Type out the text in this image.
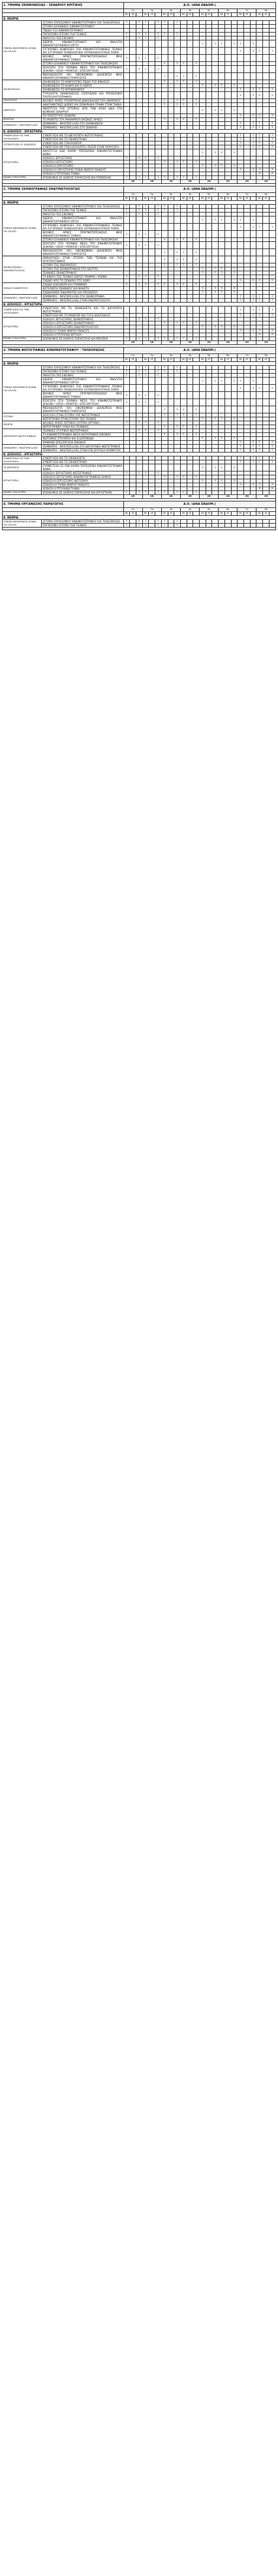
1. ΤΜΗΜΑ ΣΚΗΝΟΘΕΣΙΑΣ - ΣΕΝΑΡΙΟΥ ΚΡΙΤΙΚΗΣ		Δ.Ο. (ΑΝΑ ΕΒΔΟΜ.)																							
		1ο			2ο			3ο			4ο			5ο			6ο			7ο			8ο		
		θε	εξ		θε	εξ		θε	εξ		θε	εξ		θε	εξ		θε	εξ		θε	εξ		θε	εξ	
Α. ΘΕΩΡΙΑ																									
ΓΕΝΙΚΑ ΜΑΘΗΜΑΤΑ ΚΟΙΝΑ ΓΙΑ ΟΛΟΥΣ	ΙΣΤΟΡΙΑ ΠΑΓΚΟΣΜΙΟΥ ΚΙΝΗΜΑΤΟΓΡΑΦΟΥ ΚΑΙ ΤΗΛΕΟΡΑΣΗΣ	2		2	2		2	2		2															
	ΙΣΤΟΡΙΑ ΕΛΛΗΝΙΚΟΥ ΚΙΝΗΜΑΤΟΓΡΑΦΟΥ																								
	ΓΝΩΣΗ ΤΟΥ ΚΙΝΗΜΑΤΟΓΡΑΦΟΥ																								
	ΠΑΓΚΟΣΜΙΑ ΙΣΤΟΡΙΑ ΤΗΣ ΤΕΧΝΗΣ	2		2	2		2	2		2															
	ΑΝΑΛΥΣΗ ΤΗΣ ΕΙΚΟΝΑΣ	2		2	2		2																		
	ΘΕΩΡΙΑ ΚΙΝΗΜΑΤΟΓΡΑΦΟΥ ΚΑΙ ΑΝΑΛΥΣΗ ΚΙΝΗΜΑΤΟΓΡΑΦΙΚΟΥ ΕΡΓΟΥ													1		1	1		1	1		1			
	ΣΥΓΧΡΟΝΕΣ ΕΚΦΡΑΣΕΙΣ ΤΗΣ ΚΙΝΗΜΑΤΟΓΡΑΦΙΚΗΣ ΤΕΧΝΗΣ ΚΑΙ ΣΥΓΧΡΟΝΟΙ ΤΕΧΝΟΛΟΓΙΚΟΙ ΟΠΤΙΚΟΑΚΟΥΣΤΙΚΟΙ ΠΟΡΟΙ																			1		1	1		1
	ΒΑΣΙΚΕΣ ΑΡΧΕΣ ΠΡΑΓΜΑΤΟΠΟΙΗΣΗΣ ΜΙΑΣ ΚΙΝΗΜΑΤΟΓΡΑΦΙΚΗΣ ΤΑΙΝΙΑΣ	2		2	2		2																		
	ΙΣΤΟΡΙΑ ΕΛΛΗΝΙΚΟΥ ΚΙΝΗΜΑΤΟΓΡΑΦΟΥ ΚΑΙ ΤΗΛΕΟΡΑΣΗΣ							2		2	2		2												
	ΕΙΣΑΓΩΓΗ ΣΤΗ ΤΕΧΝΙΚΗ ΜΕΣΑ ΤΟΥ ΚΙΝΗΜΑΤΟΓΡΑΦΟΥ (ΕΙΚΟΝΑ / ΗΧΟΣ / ΜΟΝΤΑΖ / ΕΠΕΞΕΡΓΑΣΙΑ)	2		2	2		2																		
	ΜΕΘΟΔΟΛΟΓΙΑ ΚΑΙ ΟΙΚΟΝΟΜΙΚΗ ΔΙΑΧΕΙΡΙΣΗ ΜΙΑΣ ΚΙΝΗΜΑΤΟΓΡΑΦΙΚΗΣ ΠΑΡΑΓΩΓΗΣ							1		1	1		1												
ΣΚΗΝΟΘΕΣΙΑ	ΣΚΗΝΟΘΕΣΙΑ ΤΟ ΕΚΦΡΑΣΤΙΚΟ ΠΕΔΙΟ ΤΗΣ ΚΙΝΗΣΗΣ							2		2	2		2												
	ΣΚΗΝΟΘΕΣΙΑ ΤΟ ΚΑΔΡΟ ΚΑΙ Ο ΧΩΡΟΣ													2		2	2		2						
	ΣΚΗΝΟΘΕΣΙΑ ΤΟ ΝΤΟΚΙΜΑΝΤΕΡ																			1		1	1		1
	ΤΥΠΟΛΟΓΙΑ ΣΚΗΝΟΘΕΣΙΑΣ (ΣΠΟΥΔΑΙΟΙ ΚΑΙ ΠΡΟΣΩΠΙΚΟΙ ΤΡΟΠΟΙ ΚΑΤΑΓΡΑΦΗΣ)																			2		2	2		2
ΗΘΟΠΟΙΟΣ	ΒΑΣΙΚΕΣ ΑΡΧΕΣ ΥΠΟΚΡΙΤΙΚΗΣ ΔΙΔΑΣΚΑΛΙΑΣ ΤΟΥ ΗΘΟΠΟΙΟΥ							1		1	1		1												
ΑΦΗΓΗΣΗ	ΑΦΗΓΗΜΑΤΙΚΕΣ ΔΟΜΕΣ ΚΑΙ ΣΕΝΑΡΙΑΚΗ ΓΡΑΦΗ ΣΤΗΝ ΤΑΙΝΙΑ							2		2	2		2												
	ΑΝΑΠΤΥΞΗ ΤΗΣ ΙΣΤΟΡΙΑΣ ΑΠΟ ΤΗΝ ΑΠΛΗ ΙΔΕΑ ΣΤΟ ΚΕΙΜΕΝΟ ΣΕΝΑΡΙΟΥ													2		2	2		2						
	ΤΟ ΠΡΩΤΟΤΥΠΟ ΣΕΝΑΡΙΟ																			2		2	2		2
ΜΟΝΤΑΖ	ΤΟ ΜΟΝΤΑΖ ΣΤΑ ΜΑΘΗΜΑΤΑ ΒΑΣΙΚΕΣ ΑΡΧΕΣ							1		1	1		1												
ΣΕΜΙΝΑΡΙΟ / MASTERCLASS	ΣΕΜΙΝΑΡΙΟ - MASTERCLASS ΣΤΗ ΣΚΗΝΟΘΕΣΙΑ																			1		1	1		1
	ΣΕΜΙΝΑΡΙΟ - MASTERCLASS ΣΤΟ ΣΕΝΑΡΙΟ																			1		1	1		1
Β. ΑΣΚΗΣΕΙΣ - ΕΡΓΑΣΤΗΡΙΑ																									
ΣΥΝΕΡΓΑΣΙΑ ΓΙΑ ΤΗΝ ΥΛΟΠΟΙΗΣΗ	ΣΥΝΕΡΓΑΣΙΑ ΜΕ ΤΟ ΔΙΕΥΘΥΝΤΗ ΦΩΤΟΓΡΑΦΙΑΣ																			1		1	1		1
	ΣΥΝΕΡΓΑΣΙΑ ΜΕ ΤΟ ΣΚΗΝΟΓΡΑΦΟ																			1		1	1		1
ΣΥΓΚΡΟΤΗΣΗ ΟΙ ΑΣΚΗΣΕΙΣ	ΣΥΝΕΡΓΑΣΙΑ ΜΕ ΤΟΝ ΜΟΝΤΕΡ																			1		1	1		1
	ΣΥΝΕΡΓΑΣΙΑ ΜΕ ΤΟΝ ΗΧΟΛΗΠΤΗ / ΜΙΞΕΡ ΣΤΗΝ ΠΑΡΑΓΩΓΗ																			1		1	1		1
ΕΡΓΑΣΤΗΡΙΑ	ΑΝΑΠΤΥΞΗ ΕΝΑ ΚΛΙΜΑ ΠΡΟΣΩΠΙΚΗ ΚΙΝΗΜΑΤΟΓΡΑΦΙΚΗ ΦΩΝΗ													2		2	2		2						
	ΑΣΚΗΣΗ Ι ΕΡΓΑΣΤΗΡΙΟ	4		4	4		4																		
	ΑΣΚΗΣΗ ΙΙ ΕΡΓΑΣΤΗΡΙΟ							4		4	4		4												
	ΑΣΚΗΣΗ ΙΙΙ ΕΡΓΑΣΤΗΡΙΟ													4		4	4		4						
	ΑΣΚΗΣΗ IV ΕΡΓΑΣΤΗΡΙΟ ΤΑΙΝΙΑ ΜΙΚΡΟΥ ΜΗΚΟΥΣ																			4		4	4		4
	ΑΣΚΗΣΗ V ΠΤΥΧΙΑΚΗ ΤΑΙΝΙΑ																						6		6
ΒΙΩΜΑ ΤΗΝ ΚΤΙΡΙΑ	ΕΠΙΣΚΕΨΕΙΣ ΣΕ ΧΩΡΟΥΣ ΠΑΡΑΓΩΓΗΣ ΚΑΙ ΠΡΟΒΟΛΗΣ	1		1	1		1	1		1	1		1												
		25			25			25			25			25			25			25			25		

2. ΤΜΗΜΑ ΣΚΗΝΟΓΡΑΦΙΑΣ ΕΝΔΥΜΑΤΟΛΟΓΙΑΣ		Δ.Ο. (ΑΝΑ ΕΒΔΟΜ.)																							
		1ο			2ο			3ο			4ο			5ο			6ο			7ο			8ο		
		θε	εξ		θε	εξ		θε	εξ		θε	εξ		θε	εξ		θε	εξ		θε	εξ		θε	εξ	
Α. ΘΕΩΡΙΑ																									
ΓΕΝΙΚΑ ΜΑΘΗΜΑΤΑ ΚΟΙΝΑ ΓΙΑ ΟΛΟΥΣ	ΙΣΤΟΡΙΑ ΠΑΓΚΟΣΜΙΟΥ ΚΙΝΗΜΑΤΟΓΡΑΦΟΥ ΚΑΙ ΤΗΛΕΟΡΑΣΗΣ	2		2	2		2	2		2															
	ΠΑΓΚΟΣΜΙΑ ΙΣΤΟΡΙΑ ΤΗΣ ΤΕΧΝΗΣ	2		2	2		2	2		2															
	ΑΝΑΛΥΣΗ ΤΗΣ ΕΙΚΟΝΑΣ	2		2	2		2																		
	ΘΕΩΡΙΑ ΚΙΝΗΜΑΤΟΓΡΑΦΟΥ ΚΑΙ ΑΝΑΛΥΣΗ ΚΙΝΗΜΑΤΟΓΡΑΦΙΚΟΥ ΕΡΓΟΥ													1		1	1		1	1		1			
	ΣΥΓΧΡΟΝΕΣ ΕΚΦΡΑΣΕΙΣ ΤΗΣ ΚΙΝΗΜΑΤΟΓΡΑΦΙΚΗΣ ΤΕΧΝΗΣ ΚΑΙ ΣΥΓΧΡΟΝΟΙ ΤΕΧΝΟΛΟΓΙΚΟΙ ΟΠΤΙΚΟΑΚΟΥΣΤΙΚΟΙ ΠΟΡΟΙ																			1		1	1		1
	ΒΑΣΙΚΕΣ ΑΡΧΕΣ ΠΡΑΓΜΑΤΟΠΟΙΗΣΗΣ ΜΙΑΣ ΚΙΝΗΜΑΤΟΓΡΑΦΙΚΗΣ ΤΑΙΝΙΑΣ	2		2	2		2																		
	ΙΣΤΟΡΙΑ ΕΛΛΗΝΙΚΟΥ ΚΙΝΗΜΑΤΟΓΡΑΦΟΥ ΚΑΙ ΤΗΛΕΟΡΑΣΗΣ							2		2	2		2												
	ΕΙΣΑΓΩΓΗ ΣΤΗ ΤΕΧΝΙΚΗ ΜΕΣΑ ΤΟΥ ΚΙΝΗΜΑΤΟΓΡΑΦΟΥ (ΕΙΚΟΝΑ / ΗΧΟΣ / ΜΟΝΤΑΖ / ΕΠΕΞΕΡΓΑΣΙΑ)	2		2	2		2																		
	ΜΕΘΟΔΟΛΟΓΙΑ ΚΑΙ ΟΙΚΟΝΟΜΙΚΗ ΔΙΑΧΕΙΡΙΣΗ ΜΙΑΣ ΚΙΝΗΜΑΤΟΓΡΑΦΙΚΗΣ ΠΑΡΑΓΩΓΗΣ							1		1	1		1												
ΣΚΗΝΟΓΡΑΦΙΑ / ΕΝΔΥΜΑΤΟΛΟΓΙΑ	ΕΜΒΑΘΥΝΣΗ ΣΤΗΝ ΙΣΤΟΡΙΑ ΤΩΝ ΤΕΧΝΩΝ ΚΑΙ ΤΗΣ ΑΡΧΙΤΕΚΤΟΝΙΚΗΣ							2		2	2		2												
	ΙΣΤΟΡΙΑ ΤΗΣ ΕΝΔΥΜΑΣΙΑΣ							2		2	2		2												
	ΙΣΤΟΡΙΑ ΤΗΣ ΣΚΗΝΟΓΡΑΦΙΑΣ ΣΤΟ ΘΕΑΤΡΟ													1		1	1		1						
	ΤΕΧΝΙΚΕΣ ΣΚΗΝΟΓΡΑΦΙΑΣ													2		2	2		2						
	ΤΑ ΒΙΒΛΙΑ ΤΗΣ ΤΕΧΝΗΣ ΧΩΡΟΣ ΓΡΑΜΜΗ / ΧΡΩΜΑ	2		2	2		2																		
	ΣΧΕΔΙΟ ΑΠΟ ΤΟ ΣΕΝΑΡΙΟ ΣΤΟ ΧΩΡΟ																			2		2	2		2
ΣΧΕΔΙΟ ΕΙΔΙΚΕΥΣΗΣ	ΣΧΕΔΙΟ ΕΛΕΥΘΕΡΟ ΚΑΙ ΓΡΑΜΜΙΚΟ	5		5	5		5	5		5	5		5												
	ΚΑΤΑΣΚΕΥΗ ΣΚΗΝΙΚΟΥ ΚΑΙ ΜΑΚΕΤΑ													3		3	3		3						
	ΣΧΕΔΙΑΣΜΟΣ ΕΝΔΥΜΑΤΟΣ ΚΑΙ ΠΡΟΣΩΠΟΥ													2		2	2		2						
ΣΕΜΙΝΑΡΙΟ / MASTERCLASS	ΣΕΜΙΝΑΡΙΟ - MASTERCLASS ΣΤΗ ΣΚΗΝΟΓΡΑΦΙΑ																			1		1	1		1
	ΣΕΜΙΝΑΡΙΟ - MASTERCLASS ΣΤΗΝ ΕΝΔΥΜΑΤΟΛΟΓΙΑ																			1		1	1		1
Β. ΑΣΚΗΣΕΙΣ - ΕΡΓΑΣΤΗΡΙΑ																									
ΣΥΝΕΡΓΑΣΙΑ ΓΙΑ ΤΗΝ ΥΛΟΠΟΙΗΣΗ	ΣΥΝΕΡΓΑΣΙΑ ΜΕ ΤΟ ΣΚΗΝΟΘΕΤΗ ΚΑΙ ΤΟ ΔΙΕΥΘΥΝΤΗ ΦΩΤΟΓΡΑΦΙΑΣ																			1		1	1		1
	ΣΥΝΕΡΓΑΣΙΑ ΜΕ ΤΟ ΜΑΚΙΓΙΕΡ ΚΑΙ ΤΟΥΣ ΗΘΟΠΟΙΟΥΣ																			1		1	1		1
ΕΡΓΑΣΤΗΡΙΑ	ΑΣΚΗΣΗ Ι ΕΡΓΑΣΤΗΡΙΟ ΣΚΗΝΟΓΡΑΦΙΑΣ	4		4	4		4																		
	ΑΣΚΗΣΗ ΙΙ ΕΡΓΑΣΤΗΡΙΟ ΣΚΗΝΟΓΡΑΦΙΑΣ							4		4	4		4												
	ΑΣΚΗΣΗ ΙΙΙ ΕΡΓΑΣΤΗΡΙΟ ΕΝΔΥΜΑΤΟΛΟΓΙΑΣ													4		4	4		4						
	ΑΣΚΗΣΗ IV ΤΑΙΝΙΑ ΜΙΚΡΟΥ ΜΗΚΟΥΣ																			4		4	4		4
	ΑΣΚΗΣΗ V ΠΤΥΧΙΑΚΗ ΕΡΓΑΣΙΑ																						6		6
ΒΙΩΜΑ ΤΗΝ ΚΤΙΡΙΑ	ΕΠΙΣΚΕΨΕΙΣ ΣΕ ΧΩΡΟΥΣ ΠΑΡΑΓΩΓΗΣ ΚΑΙ ΜΟΥΣΕΙΑ	1		1	1		1	1		1	1		1												
		25			25			25			25			25			25			25			25		

3. ΤΜΗΜΑ ΦΩΤΟΓΡΑΦΙΑΣ ΚΙΝΗΜΑΤΟΓΡΑΦΟΥ - ΤΗΛΕΟΡΑΣΗΣ		Δ.Ο. (ΑΝΑ ΕΒΔΟΜ.)																							
		1ο			2ο			3ο			4ο			5ο			6ο			7ο			8ο		
		θε	εξ		θε	εξ		θε	εξ		θε	εξ		θε	εξ		θε	εξ		θε	εξ		θε	εξ	
Α. ΘΕΩΡΙΑ																									
ΓΕΝΙΚΑ ΜΑΘΗΜΑΤΑ ΚΟΙΝΑ ΓΙΑ ΟΛΟΥΣ	ΙΣΤΟΡΙΑ ΠΑΓΚΟΣΜΙΟΥ ΚΙΝΗΜΑΤΟΓΡΑΦΟΥ ΚΑΙ ΤΗΛΕΟΡΑΣΗΣ	2		2	2		2	2		2															
	ΠΑΓΚΟΣΜΙΑ ΙΣΤΟΡΙΑ ΤΗΣ ΤΕΧΝΗΣ	2		2	2		2	2		2															
	ΑΝΑΛΥΣΗ ΤΗΣ ΕΙΚΟΝΑΣ	2		2	2		2																		
	ΘΕΩΡΙΑ ΚΙΝΗΜΑΤΟΓΡΑΦΟΥ ΚΑΙ ΑΝΑΛΥΣΗ ΚΙΝΗΜΑΤΟΓΡΑΦΙΚΟΥ ΕΡΓΟΥ													1		1	1		1	1		1			
	ΣΥΓΧΡΟΝΕΣ ΕΚΦΡΑΣΕΙΣ ΤΗΣ ΚΙΝΗΜΑΤΟΓΡΑΦΙΚΗΣ ΤΕΧΝΗΣ ΚΑΙ ΣΥΓΧΡΟΝΟΙ ΤΕΧΝΟΛΟΓΙΚΟΙ ΟΠΤΙΚΟΑΚΟΥΣΤΙΚΟΙ ΠΟΡΟΙ																			1		1	1		1
	ΒΑΣΙΚΕΣ ΑΡΧΕΣ ΠΡΑΓΜΑΤΟΠΟΙΗΣΗΣ ΜΙΑΣ ΚΙΝΗΜΑΤΟΓΡΑΦΙΚΗΣ ΤΑΙΝΙΑΣ	2		2	2		2																		
	ΕΙΣΑΓΩΓΗ ΣΤΗ ΤΕΧΝΙΚΗ ΜΕΣΑ ΤΟΥ ΚΙΝΗΜΑΤΟΓΡΑΦΟΥ (ΕΙΚΟΝΑ / ΗΧΟΣ / ΜΟΝΤΑΖ / ΕΠΕΞΕΡΓΑΣΙΑ)	2		2	2		2																		
	ΜΕΘΟΔΟΛΟΓΙΑ ΚΑΙ ΟΙΚΟΝΟΜΙΚΗ ΔΙΑΧΕΙΡΙΣΗ ΜΙΑΣ ΚΙΝΗΜΑΤΟΓΡΑΦΙΚΗΣ ΠΑΡΑΓΩΓΗΣ							1		1	1		1												
ΙΣΤΟΡΙΑ	ΕΙΣΑΓΩΓΗ ΣΤΗΝ ΙΣΤΟΡΙΑ ΤΗΣ ΦΩΤΟΓΡΑΦΙΑΣ							2		2	2		2												
	ΦΩΤΟΓΡΑΦΙΑ ΣΤΗΝ ΙΣΤΟΡΙΑ ΤΗΣ ΤΕΧΝΗΣ													2		2	2		2						
ΘΕΩΡΙΑ	ΒΑΣΙΚΕΣ ΑΡΧΕΣ ΟΠΤΙΚΗΣ (ΟΠΤΙΚΑ ΟΡΓΑΝΑ)	2		2	2		2																		
	ΦΩΤΟΓΡΑΦΙΚΑ ΥΛΙΚΑ ΚΑΙ ΤΕΧΝΙΚΕΣ							2		2	2		2												
ΔΙΕΥΘΥΝΣΗ ΦΩΤΟΓΡΑΦΙΑΣ	ΤΕΧΝΙΚΕΣ ΣΤΑΤΙΚΗΣ ΦΩΤΟΓΡΑΦΙΑΣ	2		2	2		2																		
	ΤΑ ΚΙΝΗΜΑΤΟΓΡΑΦΙΚΑ ΜΕΣΑ ΚΑΤΑΓΡΑΦΗΣ ΕΙΚΟΝΑΣ							2		2	2		2												
	ΦΩΤΙΣΜΟΣ ΣΤΟΥΝΤΙΟ ΚΑΙ ΕΞΩΤΕΡΙΚΩΝ													2		2	2		2						
	ΨΗΦΙΑΚΗ ΕΠΕΞΕΡΓΑΣΙΑ ΕΙΚΟΝΑΣ																			2		2	2		2
ΣΕΜΙΝΑΡΙΟ / MASTERCLASS	ΣΕΜΙΝΑΡΙΟ - MASTERCLASS ΣΤΗ ΔΙΕΥΘΥΝΣΗ ΦΩΤΟΓΡΑΦΙΑΣ																			1		1	1		1
	ΣΕΜΙΝΑΡΙΟ - MASTERCLASS ΣΤΗΝ ΕΠΕΞΕΡΓΑΣΙΑ ΧΡΩΜΑΤΟΣ																			1		1	1		1
Β. ΑΣΚΗΣΕΙΣ - ΕΡΓΑΣΤΗΡΙΑ																									
ΣΥΝΕΡΓΑΣΙΑ ΓΙΑ ΤΗΝ ΥΛΟΠΟΙΗΣΗ	ΣΥΝΕΡΓΑΣΙΑ ΜΕ ΤΟ ΣΚΗΝΟΘΕΤΗ																			1		1	1		1
	ΣΥΝΕΡΓΑΣΙΑ ΜΕ ΤΟ ΣΚΗΝΟΓΡΑΦΟ																			1		1	1		1
ΟΙ ΑΣΚΗΣΕΙΣ	ΣΥΜΜΕΤΟΧΗ ΣΕ ΕΝΑ ΚΛΙΜΑ ΠΡΟΣΩΠΙΚΗ ΚΙΝΗΜΑΤΟΓΡΑΦΙΚΗ ΦΩΝΗ													2		2	2		2						
ΕΡΓΑΣΤΗΡΙΑ	ΑΣΚΗΣΗ Ι ΕΡΓΑΣΤΗΡΙΟ ΦΩΤΟΓΡΑΦΙΑΣ	4		4	4		4																		
	ΑΣΚΗΣΗ ΙΙ ΕΡΓΑΣΤΗΡΙΟ ΚΙΝΗΜΑΤΟΓΡΑΦΙΚΗΣ ΛΗΨΗΣ							4		4	4		4												
	ΑΣΚΗΣΗ ΙΙΙ ΕΡΓΑΣΤΗΡΙΟ ΦΩΤΙΣΜΟΥ													4		4	4		4						
	ΑΣΚΗΣΗ IV ΤΑΙΝΙΑ ΜΙΚΡΟΥ ΜΗΚΟΥΣ																			4		4	4		4
	ΑΣΚΗΣΗ V ΠΤΥΧΙΑΚΗ ΤΑΙΝΙΑ																						6		6
ΒΙΩΜΑ ΤΗΝ ΚΤΙΡΙΑ	ΕΠΙΣΚΕΨΕΙΣ ΣΕ ΧΩΡΟΥΣ ΠΑΡΑΓΩΓΗΣ ΚΑΙ ΕΡΓΑΣΤΗΡΙΑ	1		1	1		1	1		1	1		1												
		25			25			25			25			25			25			25			25		

4. ΤΜΗΜΑ ΟΡΓΑΝΩΣΗΣ ΠΑΡΑΓΩΓΗΣ		Δ.Ο. (ΑΝΑ ΕΒΔΟΜ.)																							
		1ο			2ο			3ο			4ο			5ο			6ο			7ο			8ο		
		θε	εξ		θε	εξ		θε	εξ		θε	εξ		θε	εξ		θε	εξ		θε	εξ		θε	εξ	
Α. ΘΕΩΡΙΑ																									
ΓΕΝΙΚΑ ΜΑΘΗΜΑΤΑ ΚΟΙΝΑ ΓΙΑ ΟΛΟΥΣ	ΙΣΤΟΡΙΑ ΠΑΓΚΟΣΜΙΟΥ ΚΙΝΗΜΑΤΟΓΡΑΦΟΥ ΚΑΙ ΤΗΛΕΟΡΑΣΗΣ	2		2	2		2	2		2															
	ΠΑΓΚΟΣΜΙΑ ΙΣΤΟΡΙΑ ΤΗΣ ΤΕΧΝΗΣ	2		2	2		2	2		2															
